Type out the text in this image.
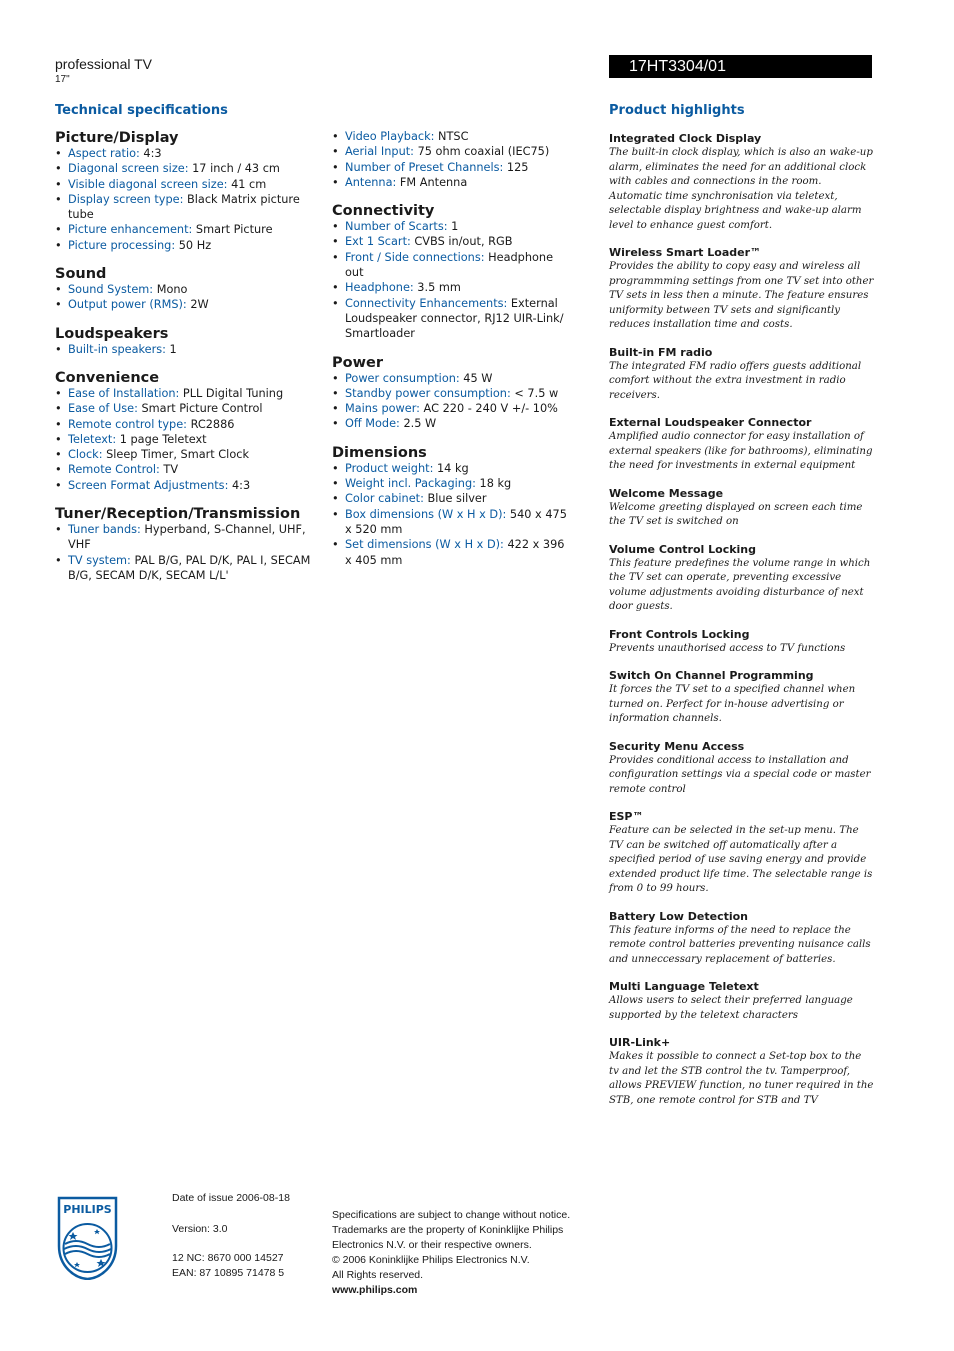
professional TV
17"
17HT3304/01
Technical specifications	Product highlights
Picture/Display
• Aspect ratio: 4:3
• Diagonal screen size: 17 inch / 43 cm
• Visible diagonal screen size: 41 cm
• Display screen type: Black Matrix picture tube
• Picture enhancement: Smart Picture
• Picture processing: 50 Hz
Sound
• Sound System: Mono
• Output power (RMS): 2W
Loudspeakers
• Built-in speakers: 1
Convenience
• Ease of Installation: PLL Digital Tuning
• Ease of Use: Smart Picture Control
• Remote control type: RC2886
• Teletext: 1 page Teletext
• Clock: Sleep Timer, Smart Clock
• Remote Control: TV
• Screen Format Adjustments: 4:3
Tuner/Reception/Transmission
• Tuner bands: Hyperband, S-Channel, UHF, VHF
• TV system: PAL B/G, PAL D/K, PAL I, SECAM B/G, SECAM D/K, SECAM L/L'
• Video Playback: NTSC
• Aerial Input: 75 ohm coaxial (IEC75)
• Number of Preset Channels: 125
• Antenna: FM Antenna
Connectivity
• Number of Scarts: 1
• Ext 1 Scart: CVBS in/out, RGB
• Front / Side connections: Headphone out
• Headphone: 3.5 mm
• Connectivity Enhancements: External Loudspeaker connector, RJ12 UIR-Link/ Smartloader
Power
• Power consumption: 45 W
• Standby power consumption: < 7.5 w
• Mains power: AC 220 - 240 V +/- 10%
• Off Mode: 2.5 W
Dimensions
• Product weight: 14 kg
• Weight incl. Packaging: 18 kg
• Color cabinet: Blue silver
• Box dimensions (W x H x D): 540 x 475 x 520 mm
• Set dimensions (W x H x D): 422 x 396 x 405 mm
Integrated Clock Display
The built-in clock display, which is also an wake-up alarm, eliminates the need for an additional clock with cables and connections in the room. Automatic time synchronisation via teletext, selectable display brightness and wake-up alarm level to enhance guest comfort.
Wireless Smart Loader™
Provides the ability to copy easy and wireless all programmming settings from one TV set into other TV sets in less then a minute. The feature ensures uniformity between TV sets and significantly reduces installation time and costs.
Built-in FM radio
The integrated FM radio offers guests additional comfort without the extra investment in radio receivers.
External Loudspeaker Connector
Amplified audio connector for easy installation of external speakers (like for bathrooms), eliminating the need for investments in external equipment
Welcome Message
Welcome greeting displayed on screen each time the TV set is switched on
Volume Control Locking
This feature predefines the volume range in which the TV set can operate, preventing excessive volume adjustments avoiding disturbance of next door guests.
Front Controls Locking
Prevents unauthorised access to TV functions
Switch On Channel Programming
It forces the TV set to a specified channel when turned on. Perfect for in-house advertising or information channels.
Security Menu Access
Provides conditional access to installation and configuration settings via a special code or master remote control
ESP™
Feature can be selected in the set-up menu. The TV can be switched off automatically after a specified period of use saving energy and provide extended product life time. The selectable range is from 0 to 99 hours.
Battery Low Detection
This feature informs of the need to replace the remote control batteries preventing nuisance calls and unneccessary replacement of batteries.
Multi Language Teletext
Allows users to select their preferred language supported by the teletext characters
UIR-Link+
Makes it possible to connect a Set-top box to the tv and let the STB control the tv. Tamperproof, allows PREVIEW function, no tuner required in the STB, one remote control for STB and TV
PHILIPS
Date of issue 2006-08-18
Version: 3.0
12 NC: 8670 000 14527
EAN: 87 10895 71478 5
Specifications are subject to change without notice.
Trademarks are the property of Koninklijke Philips
Electronics N.V. or their respective owners.
© 2006 Koninklijke Philips Electronics N.V.
All Rights reserved.
www.philips.com
